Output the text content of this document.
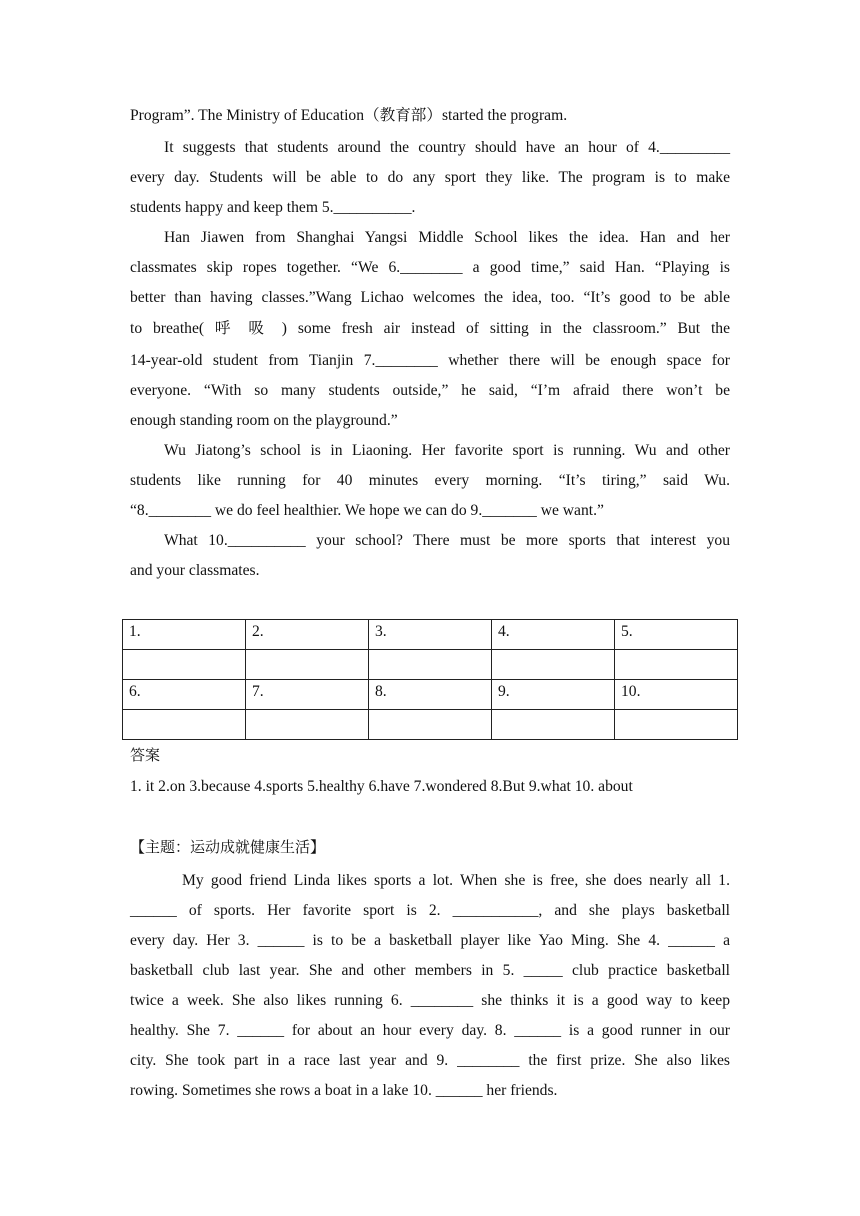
Program”. The Ministry of Education（教育部）started the program.
It suggests that students around the country should have an hour of 4._________
every day. Students will be able to do any sport they like. The program is to make
students happy and keep them 5.__________.
Han Jiawen from Shanghai Yangsi Middle School likes the idea. Han and her
classmates skip ropes together. “We 6.________ a good time,” said Han. “Playing is
better than having classes.”Wang Lichao welcomes the idea, too. “It’s good to be able
to breathe( 呼 吸 ) some fresh air instead of sitting in the classroom.” But the
14-year-old student from Tianjin 7.________ whether there will be enough space for
everyone. “With so many students outside,” he said, “I’m afraid there won’t be
enough standing room on the playground.”
Wu Jiatong’s school is in Liaoning. Her favorite sport is running. Wu and other
students like running for 40 minutes every morning. “It’s tiring,” said Wu.
“8.________ we do feel healthier. We hope we can do 9._______ we want.”
What 10.__________ your school? There must be more sports that interest you
and your classmates.
1.	2.	3.	4.	5.

6.	7.	8.	9.	10.

答案
1. it 2.on 3.because 4.sports 5.healthy 6.have 7.wondered 8.But 9.what 10. about
【主题：运动成就健康生活】
My good friend Linda likes sports a lot. When she is free, she does nearly all 1.
______ of sports. Her favorite sport is 2. ___________, and she plays basketball
every day. Her 3. ______ is to be a basketball player like Yao Ming. She 4. ______ a
basketball club last year. She and other members in 5. _____ club practice basketball
twice a week. She also likes running 6. ________ she thinks it is a good way to keep
healthy. She 7. ______ for about an hour every day. 8. ______ is a good runner in our
city. She took part in a race last year and 9. ________ the first prize. She also likes
rowing. Sometimes she rows a boat in a lake 10. ______ her friends.
